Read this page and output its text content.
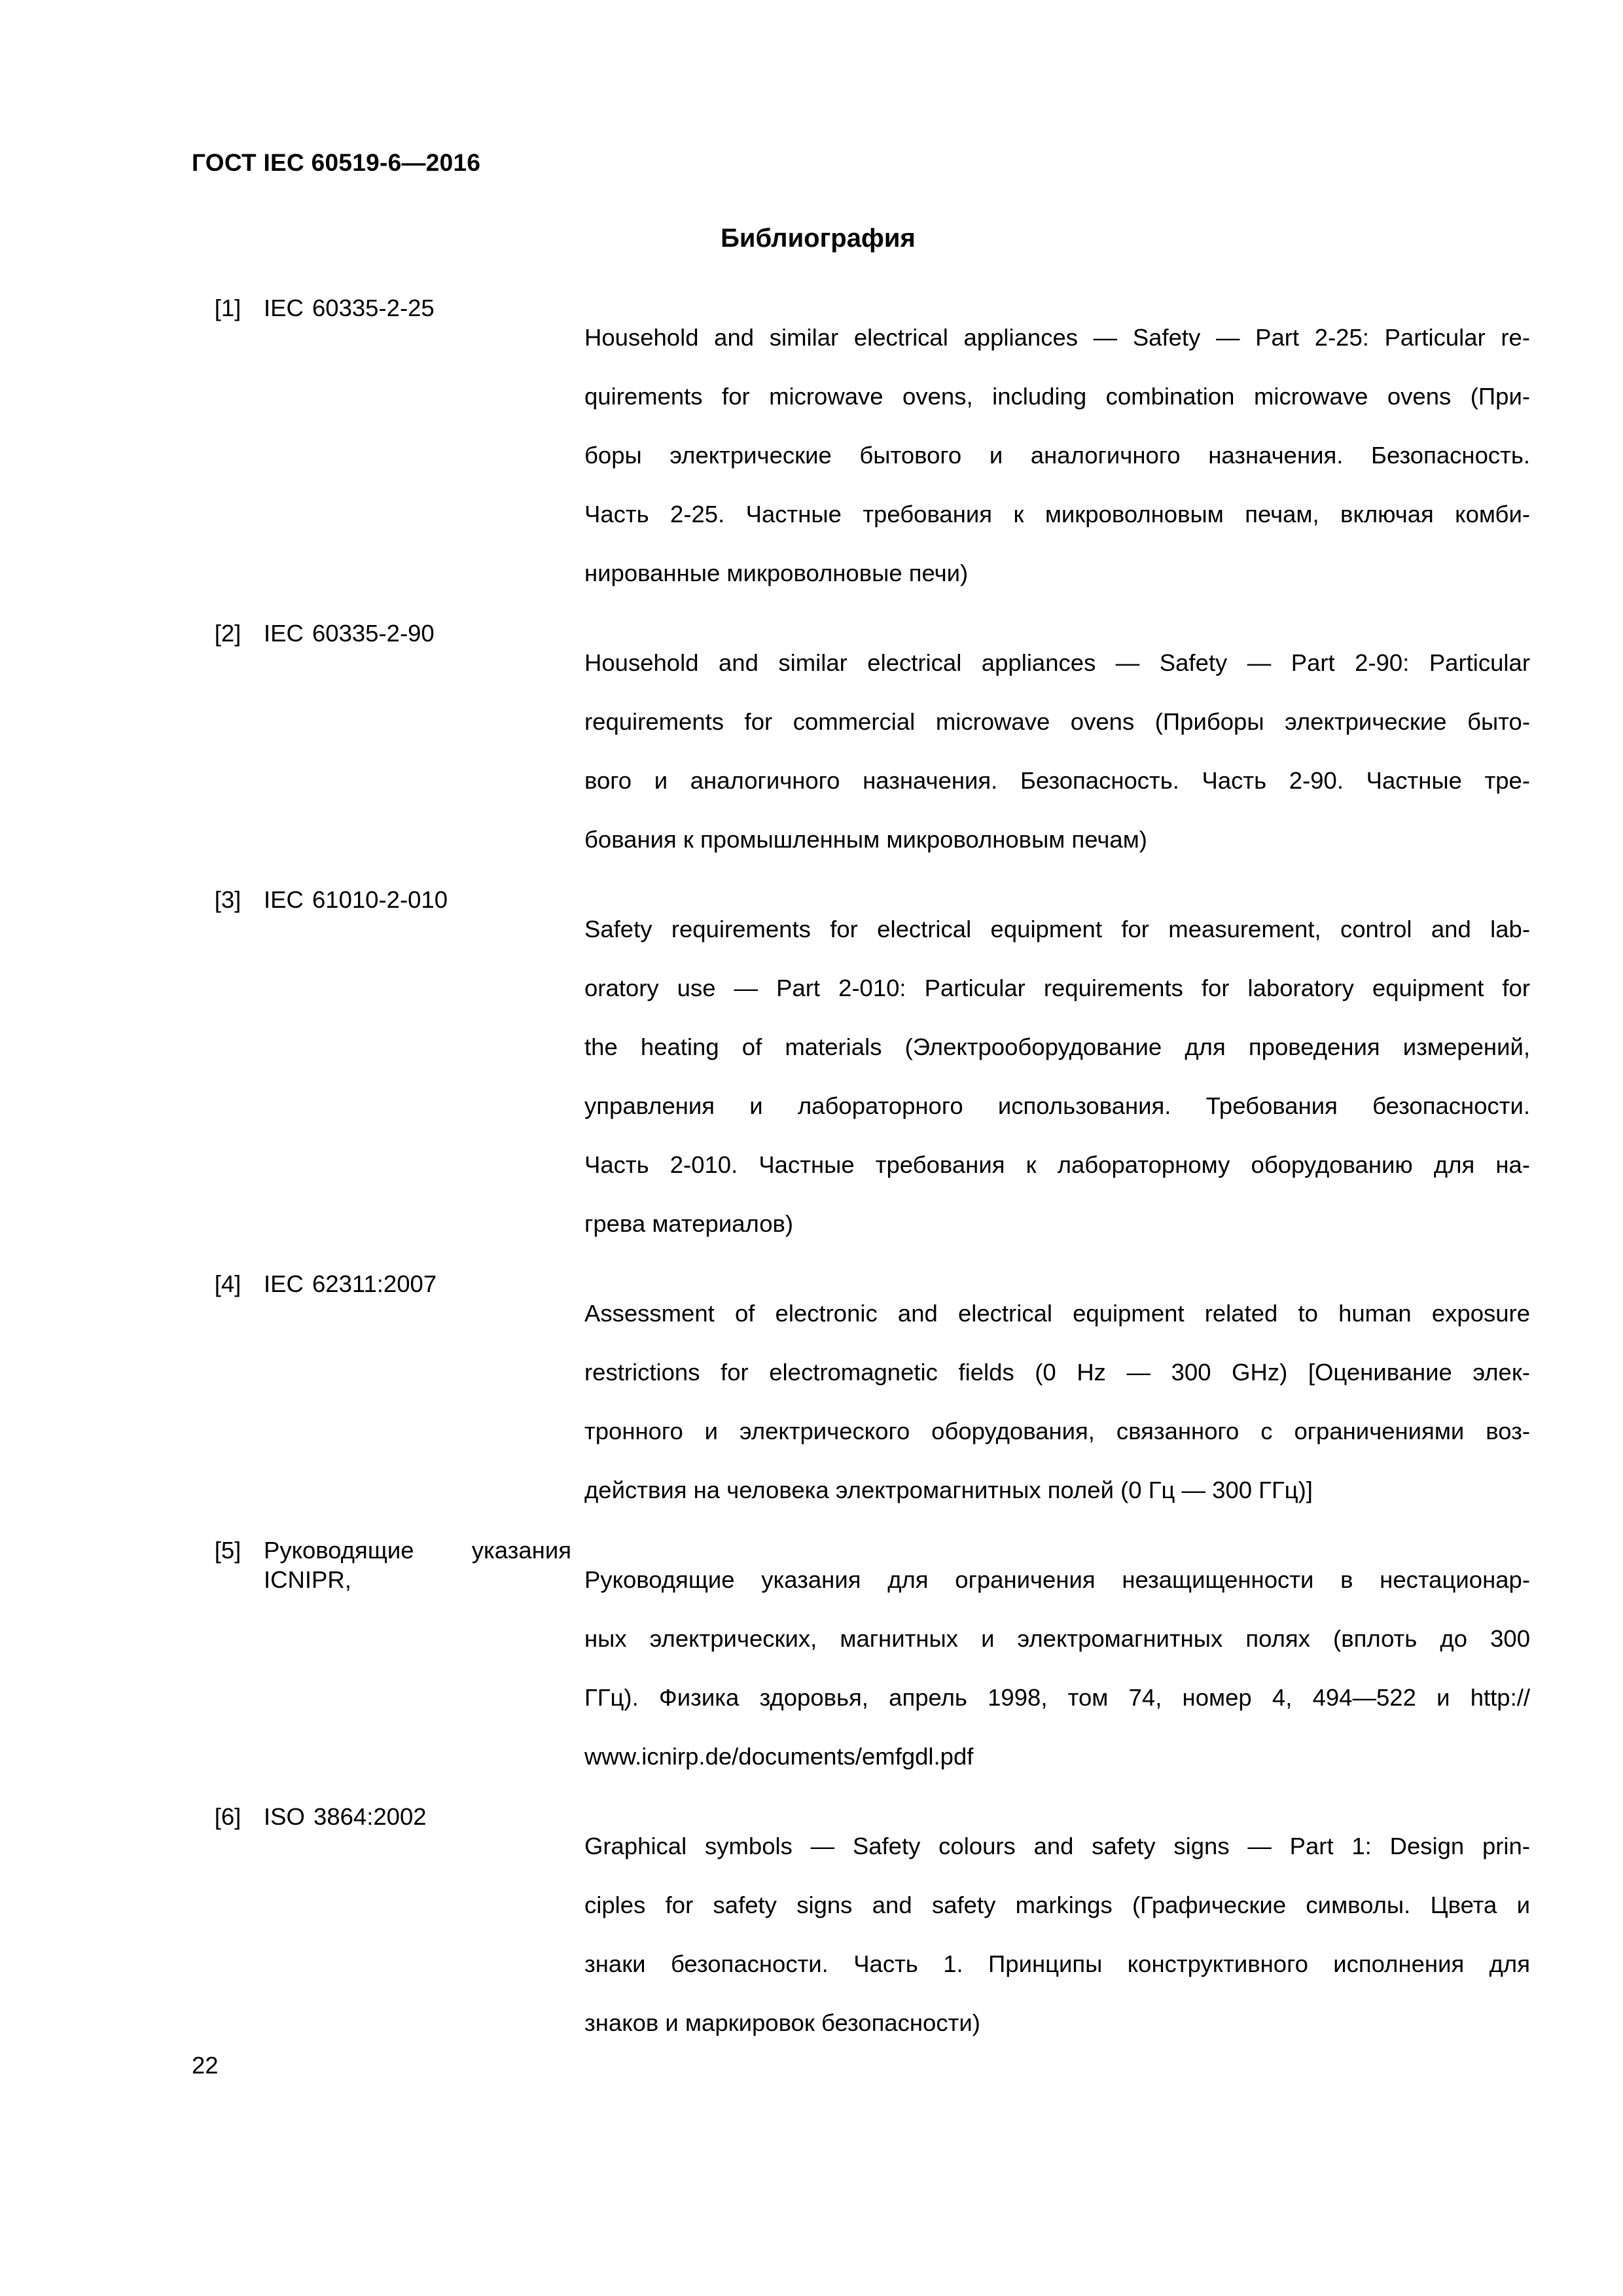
ГОСТ IEC 60519-6—2016
Библиография
[1] IEC 60335-2-25

Household and similar electrical appliances — Safety — Part 2-25: Particular re-

quirements for microwave ovens, including combination microwave ovens (При-

боры электрические бытового и аналогичного назначения. Безопасность.

Часть 2-25. Частные требования к микроволновым печам, включая комби-

нированные микроволновые печи)

[2] IEC 60335-2-90

Household and similar electrical appliances — Safety — Part 2-90: Particular

requirements for commercial microwave ovens (Приборы электрические быто-

вого и аналогичного назначения. Безопасность. Часть 2-90. Частные тре-

бования к промышленным микроволновым печам)

[3] IEC 61010-2-010

Safety requirements for electrical equipment for measurement, control and lab-

oratory use — Part 2-010: Particular requirements for laboratory equipment for

the heating of materials (Электрооборудование для проведения измерений,

управления и лабораторного использования. Требования безопасности.

Часть 2-010. Частные требования к лабораторному оборудованию для на-

грева материалов)

[4] IEC 62311:2007

Assessment of electronic and electrical equipment related to human exposure

restrictions for electromagnetic fields (0 Hz — 300 GHz) [Оценивание элек-

тронного и электрического оборудования, связанного с ограничениями воз-

действия на человека электромагнитных полей (0 Гц — 300 ГГц)]

[5] Руководящие указания ICNIPR,	Руководящие указания для ограничения незащищенности в нестационар-

ных электрических, магнитных и электромагнитных полях (вплоть до 300

ГГц). Физика здоровья, апрель 1998, том 74, номер 4, 494—522 и http://

www.icnirp.de/documents/emfgdl.pdf

[6] ISO 3864:2002

Graphical symbols — Safety colours and safety signs — Part 1: Design prin-

ciples for safety signs and safety markings (Графические символы. Цвета и

знаки безопасности. Часть 1. Принципы конструктивного исполнения для

знаков и маркировок безопасности)

22
